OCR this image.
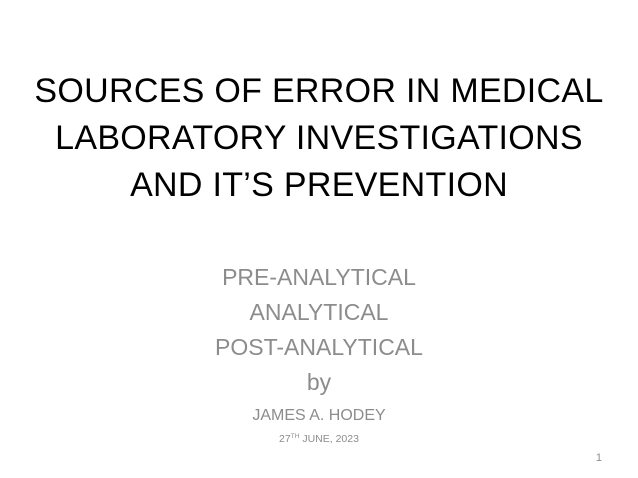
SOURCES OF ERROR IN MEDICAL
LABORATORY INVESTIGATIONS
AND IT’S PREVENTION
PRE-ANALYTICAL
ANALYTICAL
POST-ANALYTICAL
by
JAMES A. HODEY
27TH JUNE, 2023
1
